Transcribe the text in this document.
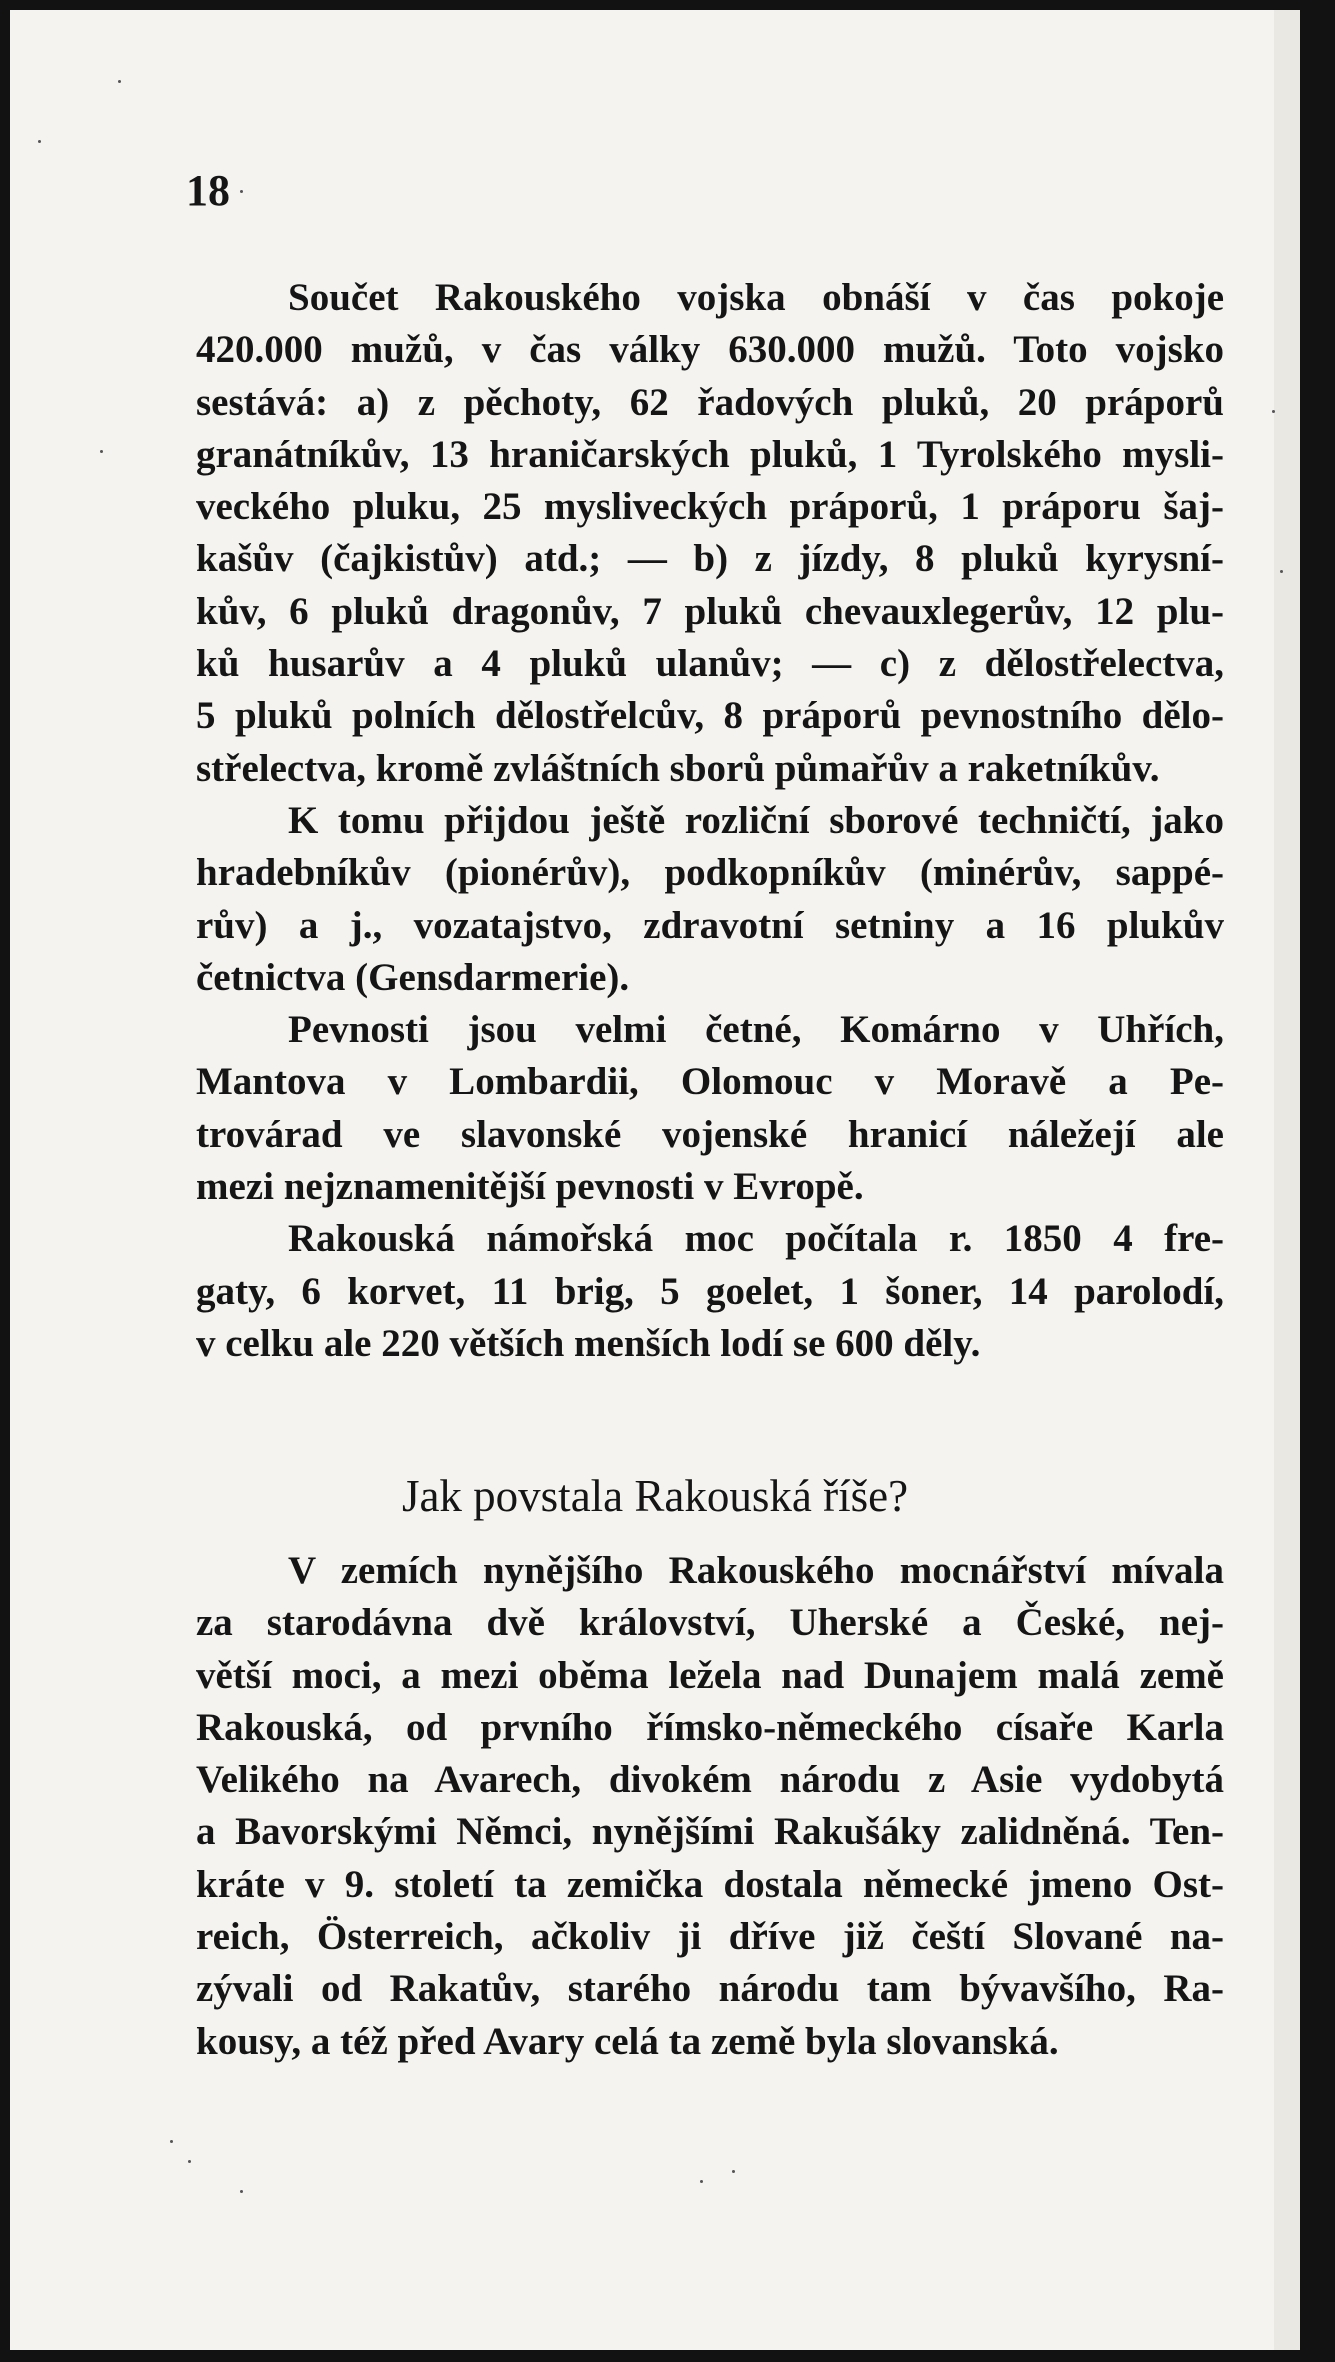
18

Součet Rakouského vojska obnáší v čas pokoje

420.000 mužů, v čas války 630.000 mužů. Toto vojsko
sestává: a) z pěchoty, 62 řadových pluků, 20 práporů
granátníkův, 13 hraničarských pluků, 1 Tyrolského mysli-
veckého pluku, 25 mysliveckých práporů, 1 práporu šaj-
kašův (čajkistův) atd.; — b) z jízdy, 8 pluků kyrysní-
kův, 6 pluků dragonův, 7 pluků chevauxlegerův, 12 plu-
ků husarův a 4 pluků ulanův; — c) z dělostřelectva,
5 pluků polních dělostřelcův, 8 práporů pevnostního dělo-
střelectva, kromě zvláštních sborů půmařův a raketníkův.

K tomu přijdou ještě rozliční sborové techničtí, jako

hradebníkův (pionérův), podkopníkův (minérův, sappé-
rův) a j., vozatajstvo, zdravotní setniny a 16 plukův
četnictva (Gensdarmerie).

Pevnosti jsou velmi četné, Komárno v Uhřích,

Mantova v Lombardii, Olomouc v Moravě a Pe-
trovárad ve slavonské vojenské hranicí náležejí ale
mezi nejznamenitější pevnosti v Evropě.

Rakouská námořská moc počítala r. 1850 4 fre-

gaty, 6 korvet, 11 brig, 5 goelet, 1 šoner, 14 parolodí,
v celku ale 220 větších menších lodí se 600 děly.
Jak povstala Rakouská říše?

V zemích nynějšího Rakouského mocnářství mívala

za starodávna dvě království, Uherské a České, nej-
větší moci, a mezi oběma ležela nad Dunajem malá země
Rakouská, od prvního římsko-německého císaře Karla
Velikého na Avarech, divokém národu z Asie vydobytá
a Bavorskými Němci, nynějšími Rakušáky zalidněná. Ten-
kráte v 9. století ta zemička dostala německé jmeno Ost-
reich, Österreich, ačkoliv ji dříve již čeští Slované na-
zývali od Rakatův, starého národu tam bývavšího, Ra-
kousy, a též před Avary celá ta země byla slovanská.
